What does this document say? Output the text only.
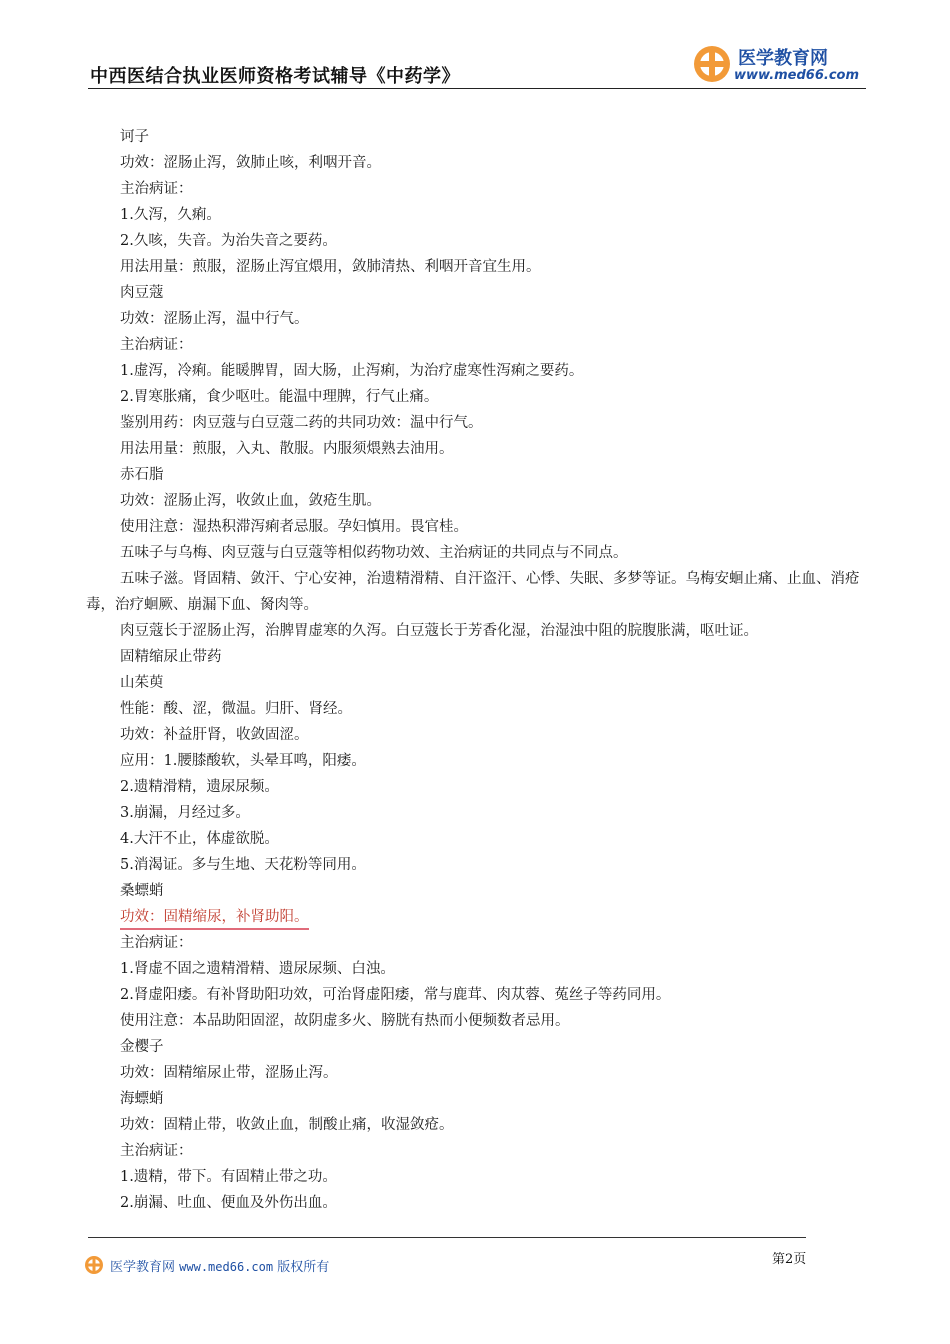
中西医结合执业医师资格考试辅导《中药学》
医学教育网
www.med66.com
诃子
功效：涩肠止泻，敛肺止咳，利咽开音。
主治病证：
1.久泻，久痢。
2.久咳，失音。为治失音之要药。
用法用量：煎服，涩肠止泻宜煨用，敛肺清热、利咽开音宜生用。
肉豆蔻
功效：涩肠止泻，温中行气。
主治病证：
1.虚泻，冷痢。能暖脾胃，固大肠，止泻痢，为治疗虚寒性泻痢之要药。
2.胃寒胀痛，食少呕吐。能温中理脾，行气止痛。
鉴别用药：肉豆蔻与白豆蔻二药的共同功效：温中行气。
用法用量：煎服，入丸、散服。内服须煨熟去油用。
赤石脂
功效：涩肠止泻，收敛止血，敛疮生肌。
使用注意：湿热积滞泻痢者忌服。孕妇慎用。畏官桂。
五味子与乌梅、肉豆蔻与白豆蔻等相似药物功效、主治病证的共同点与不同点。
五味子滋。肾固精、敛汗、宁心安神，治遗精滑精、自汗盗汗、心悸、失眠、多梦等证。乌梅安蛔止痛、止血、消疮毒，治疗蛔厥、崩漏下血、胬肉等。
肉豆蔻长于涩肠止泻，治脾胃虚寒的久泻。白豆蔻长于芳香化湿，治湿浊中阻的脘腹胀满，呕吐证。
固精缩尿止带药
山茱萸
性能：酸、涩，微温。归肝、肾经。
功效：补益肝肾，收敛固涩。
应用：1.腰膝酸软，头晕耳鸣，阳痿。
2.遗精滑精，遗尿尿频。
3.崩漏，月经过多。
4.大汗不止，体虚欲脱。
5.消渴证。多与生地、天花粉等同用。
桑螵蛸
功效：固精缩尿，补肾助阳。
主治病证：
1.肾虚不固之遗精滑精、遗尿尿频、白浊。
2.肾虚阳痿。有补肾助阳功效，可治肾虚阳痿，常与鹿茸、肉苁蓉、菟丝子等药同用。
使用注意：本品助阳固涩，故阴虚多火、膀胱有热而小便频数者忌用。
金樱子
功效：固精缩尿止带，涩肠止泻。
海螵蛸
功效：固精止带，收敛止血，制酸止痛，收湿敛疮。
主治病证：
1.遗精，带下。有固精止带之功。
2.崩漏、吐血、便血及外伤出血。
医学教育网 www.med66.com 版权所有
第2页
